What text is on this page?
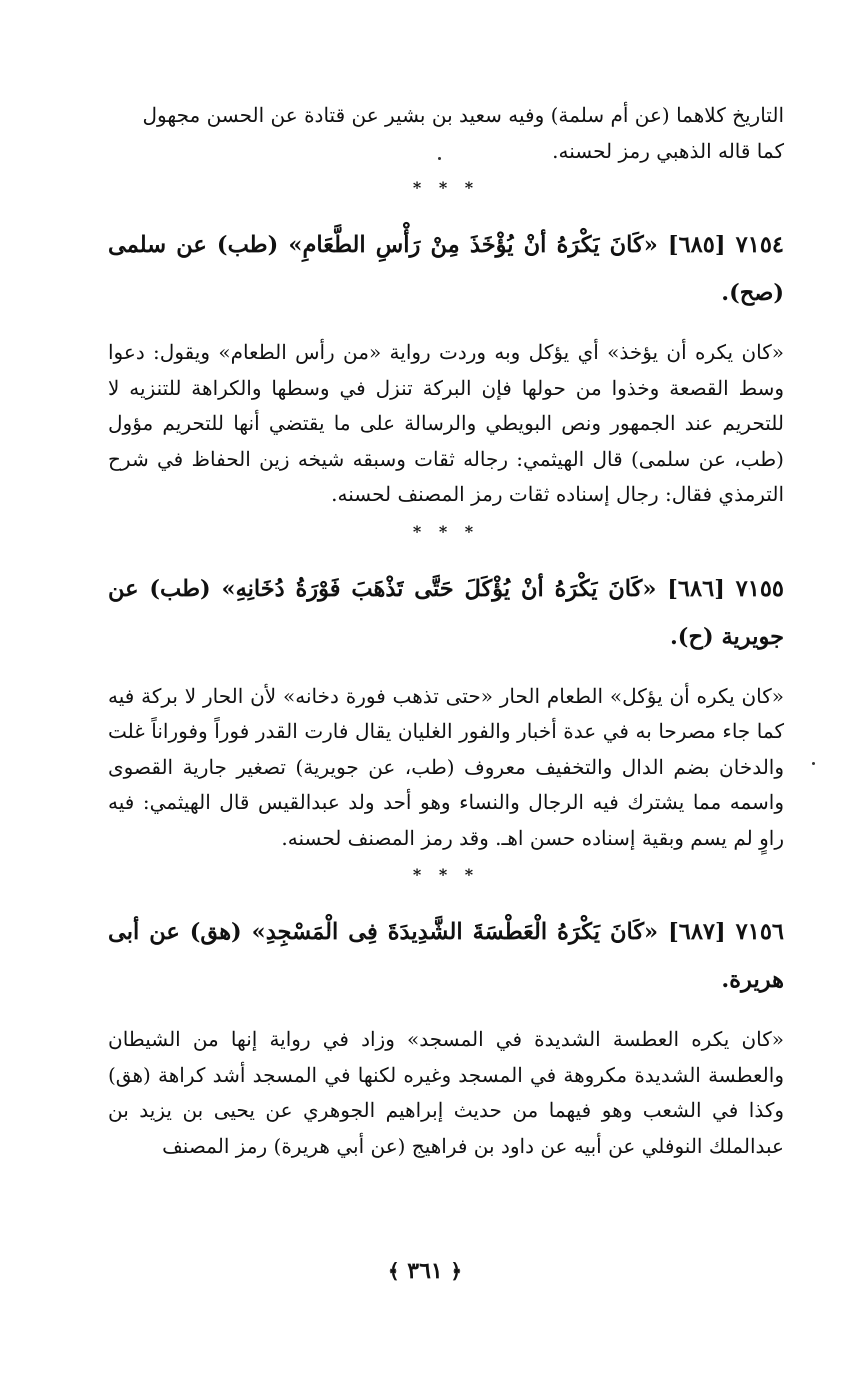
التاريخ كلاهما (عن أم سلمة) وفيه سعيد بن بشير عن قتادة عن الحسن مجهول

كما قاله الذهبي رمز لحسنه.

* * *

٧١٥٤ [٦٨٥] «كَانَ يَكْرَهُ أنْ يُؤْخَذَ مِنْ رَأْسِ الطَّعَامِ» (طب) عن سلمى (صح).

«كان يكره أن يؤخذ» أي يؤكل وبه وردت رواية «من رأس الطعام» ويقول: دعوا وسط القصعة وخذوا من حولها فإن البركة تنزل في وسطها والكراهة للتنزيه لا للتحريم عند الجمهور ونص البويطي والرسالة على ما يقتضي أنها للتحريم مؤول (طب، عن سلمى) قال الهيثمي: رجاله ثقات وسبقه شيخه زين الحفاظ في شرح الترمذي فقال: رجال إسناده ثقات رمز المصنف لحسنه.

* * *

٧١٥٥ [٦٨٦] «كَانَ يَكْرَهُ أنْ يُؤْكَلَ حَتَّى تَذْهَبَ فَوْرَةُ دُخَانِهِ» (طب) عن جويرية (ح).

«كان يكره أن يؤكل» الطعام الحار «حتى تذهب فورة دخانه» لأن الحار لا بركة فيه كما جاء مصرحا به في عدة أخبار والفور الغليان يقال فارت القدر فوراً وفوراناً غلت والدخان بضم الدال والتخفيف معروف (طب، عن جويرية) تصغير جارية القصوى واسمه مما يشترك فيه الرجال والنساء وهو أحد ولد عبدالقيس قال الهيثمي: فيه راوٍ لم يسم وبقية إسناده حسن اهـ. وقد رمز المصنف لحسنه.

* * *

٧١٥٦ [٦٨٧] «كَانَ يَكْرَهُ الْعَطْسَةَ الشَّدِيدَةَ فِى الْمَسْجِدِ» (هق) عن أبى هريرة.

«كان يكره العطسة الشديدة في المسجد» وزاد في رواية إنها من الشيطان والعطسة الشديدة مكروهة في المسجد وغيره لكنها في المسجد أشد كراهة (هق) وكذا في الشعب وهو فيهما من حديث إبراهيم الجوهري عن يحيى بن يزيد بن عبدالملك النوفلي عن أبيه عن داود بن فراهيج (عن أبي هريرة) رمز المصنف

﴿ ٣٦١ ﴾
